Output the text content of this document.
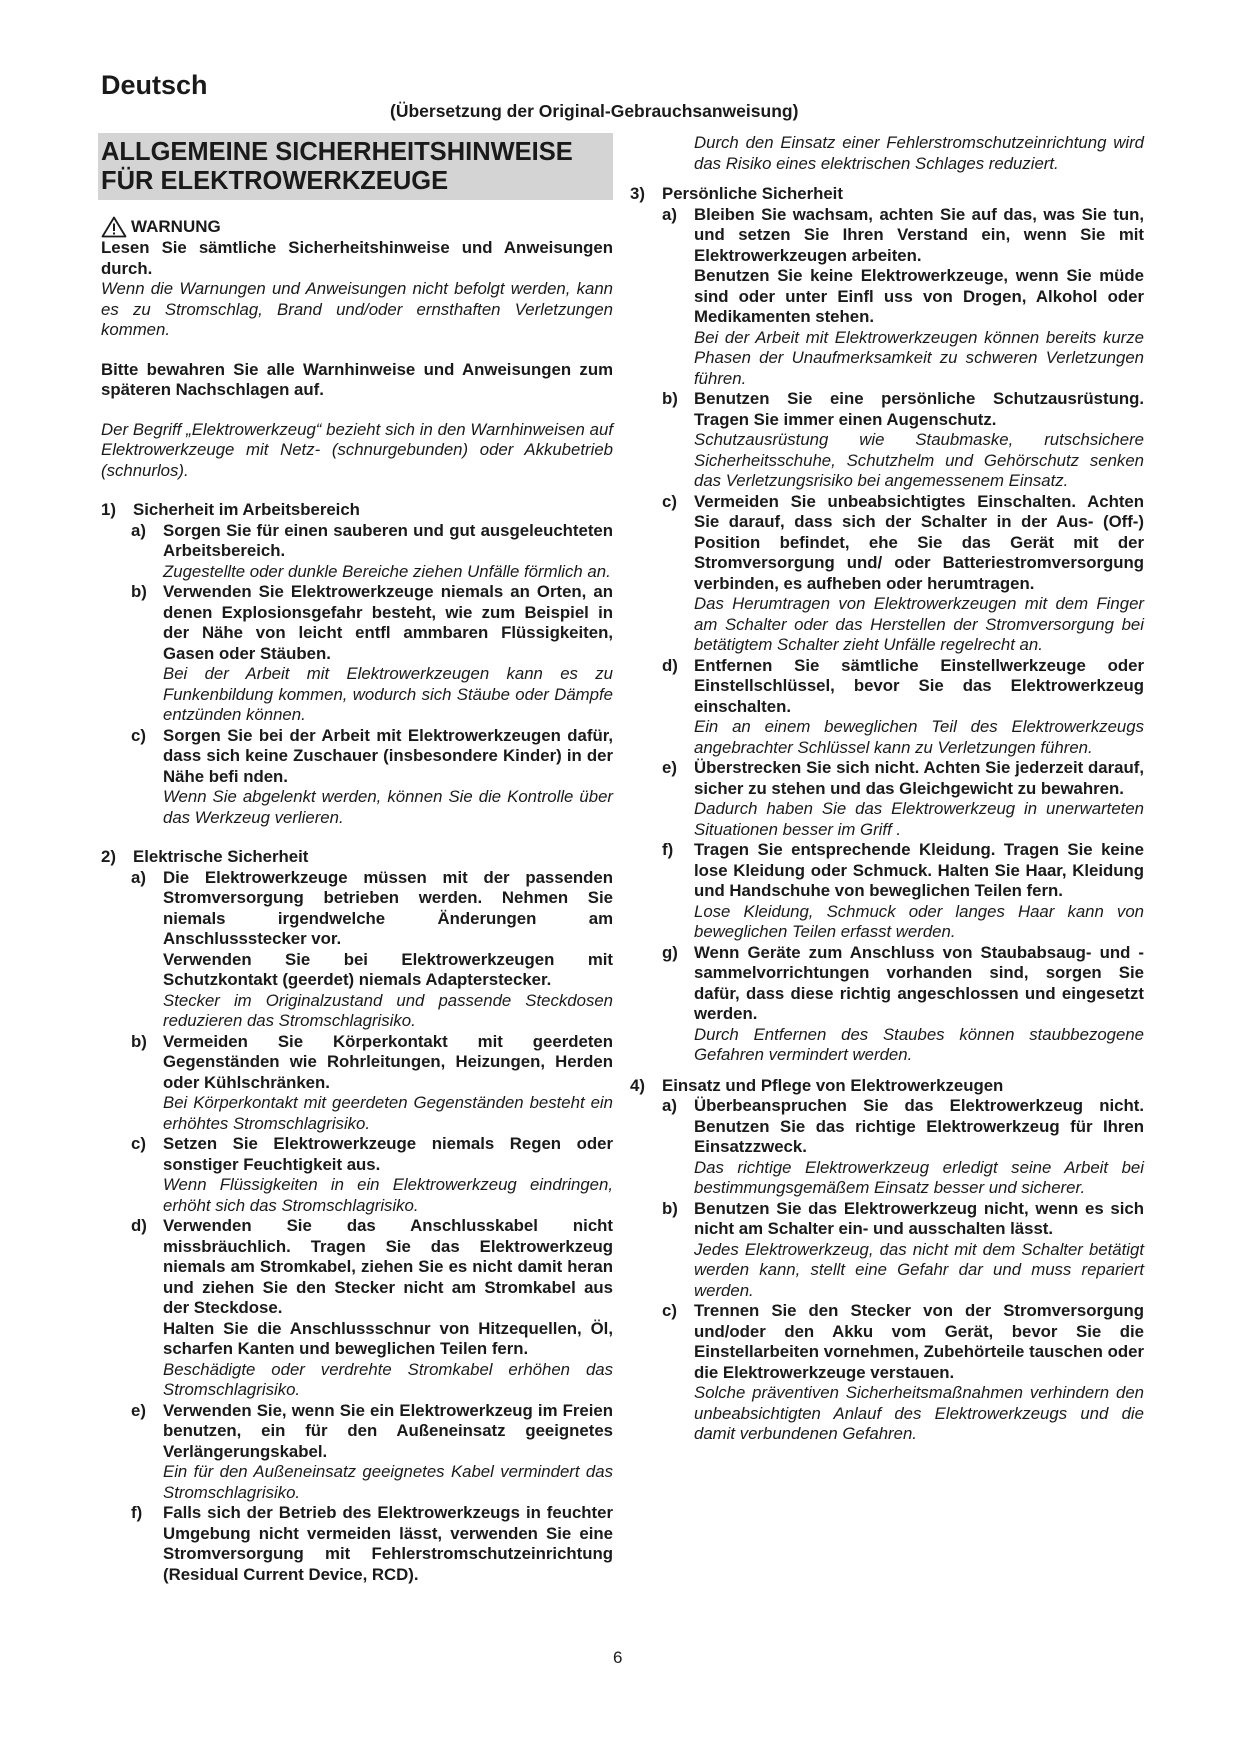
Deutsch
(Übersetzung der Original-Gebrauchsanweisung)
ALLGEMEINE SICHERHEITSHINWEISE
FÜR ELEKTROWERKZEUGE
WARNUNG

Lesen Sie sämtliche Sicherheitshinweise und Anweisungen durch.

Wenn die Warnungen und Anweisungen nicht befolgt werden, kann es zu Stromschlag, Brand und/oder ernsthaften Verletzungen kommen.

Bitte bewahren Sie alle Warnhinweise und Anweisungen zum späteren Nachschlagen auf.

Der Begriff „Elektrowerkzeug“ bezieht sich in den Warnhinweisen auf Elektrowerkzeuge mit Netz- (schnurgebunden) oder Akkubetrieb (schnurlos).

1)	Sicherheit im Arbeitsbereich
a)	Sorgen Sie für einen sauberen und gut ausgeleuchteten Arbeitsbereich.

Zugestellte oder dunkle Bereiche ziehen Unfälle förmlich an.

b) Verwenden Sie Elektrowerkzeuge niemals an Orten, an denen Explosionsgefahr besteht, wie zum Beispiel in der Nähe von leicht entfl ammbaren Flüssigkeiten, Gasen oder Stäuben.

Bei der Arbeit mit Elektrowerkzeugen kann es zu Funkenbildung kommen, wodurch sich Stäube oder Dämpfe entzünden können.

c)	Sorgen Sie bei der Arbeit mit Elektrowerkzeugen dafür, dass sich keine Zuschauer (insbesondere Kinder) in der Nähe befi nden.

Wenn Sie abgelenkt werden, können Sie die Kontrolle über das Werkzeug verlieren.

2)	Elektrische Sicherheit
a)	Die Elektrowerkzeuge müssen mit der passenden Stromversorgung betrieben werden. Nehmen Sie niemals irgendwelche Änderungen am Anschlussstecker vor.

Verwenden Sie bei Elektrowerkzeugen mit Schutzkontakt (geerdet) niemals Adapterstecker.

Stecker im Originalzustand und passende Steckdosen reduzieren das Stromschlagrisiko.

b) Vermeiden Sie Körperkontakt mit geerdeten Gegenständen wie Rohrleitungen, Heizungen, Herden oder Kühlschränken.

Bei Körperkontakt mit geerdeten Gegenständen besteht ein erhöhtes Stromschlagrisiko.

c)	Setzen Sie Elektrowerkzeuge niemals Regen oder sonstiger Feuchtigkeit aus.

Wenn Flüssigkeiten in ein Elektrowerkzeug eindringen, erhöht sich das Stromschlagrisiko.

d) Verwenden Sie das Anschlusskabel nicht missbräuchlich. Tragen Sie das Elektrowerkzeug niemals am Stromkabel, ziehen Sie es nicht damit heran und ziehen Sie den Stecker nicht am Stromkabel aus der Steckdose.

Halten Sie die Anschlussschnur von Hitzequellen, Öl, scharfen Kanten und beweglichen Teilen fern.

Beschädigte oder verdrehte Stromkabel erhöhen das Stromschlagrisiko.

e)	Verwenden Sie, wenn Sie ein Elektrowerkzeug im Freien benutzen, ein für den Außeneinsatz geeignetes Verlängerungskabel.

Ein für den Außeneinsatz geeignetes Kabel vermindert das Stromschlagrisiko.

f)	Falls sich der Betrieb des Elektrowerkzeugs in feuchter Umgebung nicht vermeiden lässt, verwenden Sie eine Stromversorgung mit Fehlerstromschutzeinrichtung (Residual Current Device, RCD).

Durch den Einsatz einer Fehlerstromschutzeinrichtung wird das Risiko eines elektrischen Schlages reduziert.

3)	Persönliche Sicherheit
a)	Bleiben Sie wachsam, achten Sie auf das, was Sie tun, und setzen Sie Ihren Verstand ein, wenn Sie mit Elektrowerkzeugen arbeiten.

Benutzen Sie keine Elektrowerkzeuge, wenn Sie müde sind oder unter Einfl uss von Drogen, Alkohol oder Medikamenten stehen.

Bei der Arbeit mit Elektrowerkzeugen können bereits kurze Phasen der Unaufmerksamkeit zu schweren Verletzungen führen.

b) Benutzen Sie eine persönliche Schutzausrüstung. Tragen Sie immer einen Augenschutz.

Schutzausrüstung wie Staubmaske, rutschsichere Sicherheitsschuhe, Schutzhelm und Gehörschutz senken das Verletzungsrisiko bei angemessenem Einsatz.

c)	Vermeiden Sie unbeabsichtigtes Einschalten. Achten Sie darauf, dass sich der Schalter in der Aus- (Off-) Position befindet, ehe Sie das Gerät mit der Stromversorgung und/ oder Batteriestromversorgung verbinden, es aufheben oder herumtragen.

Das Herumtragen von Elektrowerkzeugen mit dem Finger am Schalter oder das Herstellen der Stromversorgung bei betätigtem Schalter zieht Unfälle regelrecht an.

d) Entfernen Sie sämtliche Einstellwerkzeuge oder Einstellschlüssel, bevor Sie das Elektrowerkzeug einschalten.

Ein an einem beweglichen Teil des Elektrowerkzeugs angebrachter Schlüssel kann zu Verletzungen führen.

e)	Überstrecken Sie sich nicht. Achten Sie jederzeit darauf, sicher zu stehen und das Gleichgewicht zu bewahren.

Dadurch haben Sie das Elektrowerkzeug in unerwarteten Situationen besser im Griff .

f)	Tragen Sie entsprechende Kleidung. Tragen Sie keine lose Kleidung oder Schmuck. Halten Sie Haar, Kleidung und Handschuhe von beweglichen Teilen fern.

Lose Kleidung, Schmuck oder langes Haar kann von beweglichen Teilen erfasst werden.

g) Wenn Geräte zum Anschluss von Staubabsaug- und -sammelvorrichtungen vorhanden sind, sorgen Sie dafür, dass diese richtig angeschlossen und eingesetzt werden.

Durch Entfernen des Staubes können staubbezogene Gefahren vermindert werden.

4)	Einsatz und Pflege von Elektrowerkzeugen
a)	Überbeanspruchen Sie das Elektrowerkzeug nicht. Benutzen Sie das richtige Elektrowerkzeug für Ihren Einsatzzweck.

Das richtige Elektrowerkzeug erledigt seine Arbeit bei bestimmungsgemäßem Einsatz besser und sicherer.

b) Benutzen Sie das Elektrowerkzeug nicht, wenn es sich nicht am Schalter ein- und ausschalten lässt.

Jedes Elektrowerkzeug, das nicht mit dem Schalter betätigt werden kann, stellt eine Gefahr dar und muss repariert werden.

c)	Trennen Sie den Stecker von der Stromversorgung und/oder den Akku vom Gerät, bevor Sie die Einstellarbeiten vornehmen, Zubehörteile tauschen oder die Elektrowerkzeuge verstauen.

Solche präventiven Sicherheitsmaßnahmen verhindern den unbeabsichtigten Anlauf des Elektrowerkzeugs und die damit verbundenen Gefahren.

6
